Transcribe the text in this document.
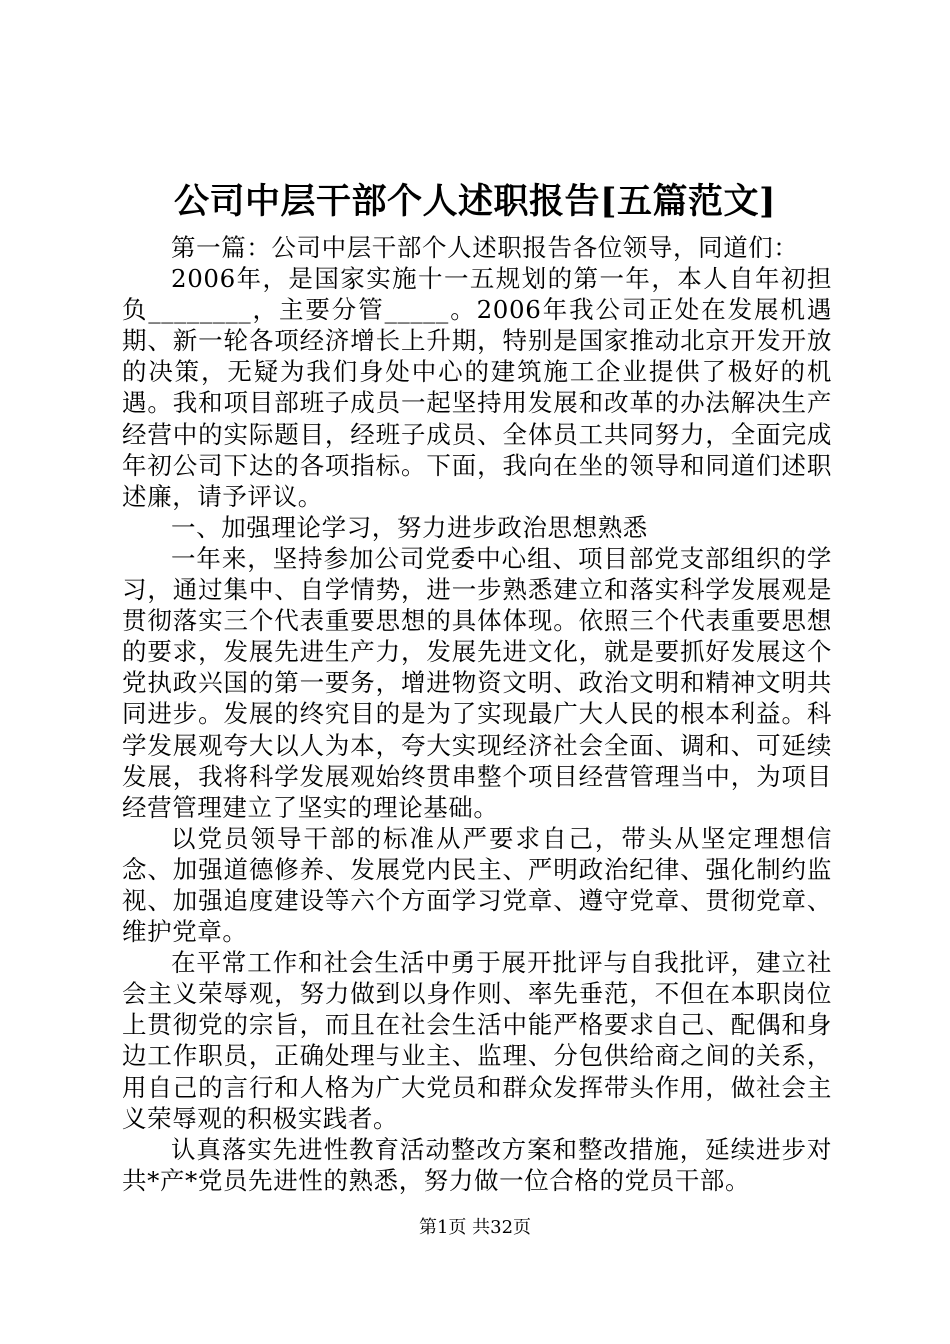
公司中层干部个人述职报告[五篇范文]

第一篇：公司中层干部个人述职报告各位领导，同道们：

2006年，是国家实施十一五规划的第一年，本人自年初担负________，主要分管_____。2006年我公司正处在发展机遇期、新一轮各项经济增长上升期，特别是国家推动北京开发开放的决策，无疑为我们身处中心的建筑施工企业提供了极好的机遇。我和项目部班子成员一起坚持用发展和改革的办法解决生产经营中的实际题目，经班子成员、全体员工共同努力，全面完成年初公司下达的各项指标。下面，我向在坐的领导和同道们述职述廉，请予评议。

一、加强理论学习，努力进步政治思想熟悉

一年来，坚持参加公司党委中心组、项目部党支部组织的学习，通过集中、自学情势，进一步熟悉建立和落实科学发展观是贯彻落实三个代表重要思想的具体体现。依照三个代表重要思想的要求，发展先进生产力，发展先进文化，就是要抓好发展这个党执政兴国的第一要务，增进物资文明、政治文明和精神文明共同进步。发展的终究目的是为了实现最广大人民的根本利益。科学发展观夸大以人为本，夸大实现经济社会全面、调和、可延续发展，我将科学发展观始终贯串整个项目经营管理当中，为项目经营管理建立了坚实的理论基础。

以党员领导干部的标准从严要求自己，带头从坚定理想信念、加强道德修养、发展党内民主、严明政治纪律、强化制约监视、加强追度建设等六个方面学习党章、遵守党章、贯彻党章、维护党章。

在平常工作和社会生活中勇于展开批评与自我批评，建立社会主义荣辱观，努力做到以身作则、率先垂范，不但在本职岗位上贯彻党的宗旨，而且在社会生活中能严格要求自己、配偶和身边工作职员，正确处理与业主、监理、分包供给商之间的关系，用自己的言行和人格为广大党员和群众发挥带头作用，做社会主义荣辱观的积极实践者。

认真落实先进性教育活动整改方案和整改措施，延续进步对共*产*党员先进性的熟悉，努力做一位合格的党员干部。

第1页 共32页
